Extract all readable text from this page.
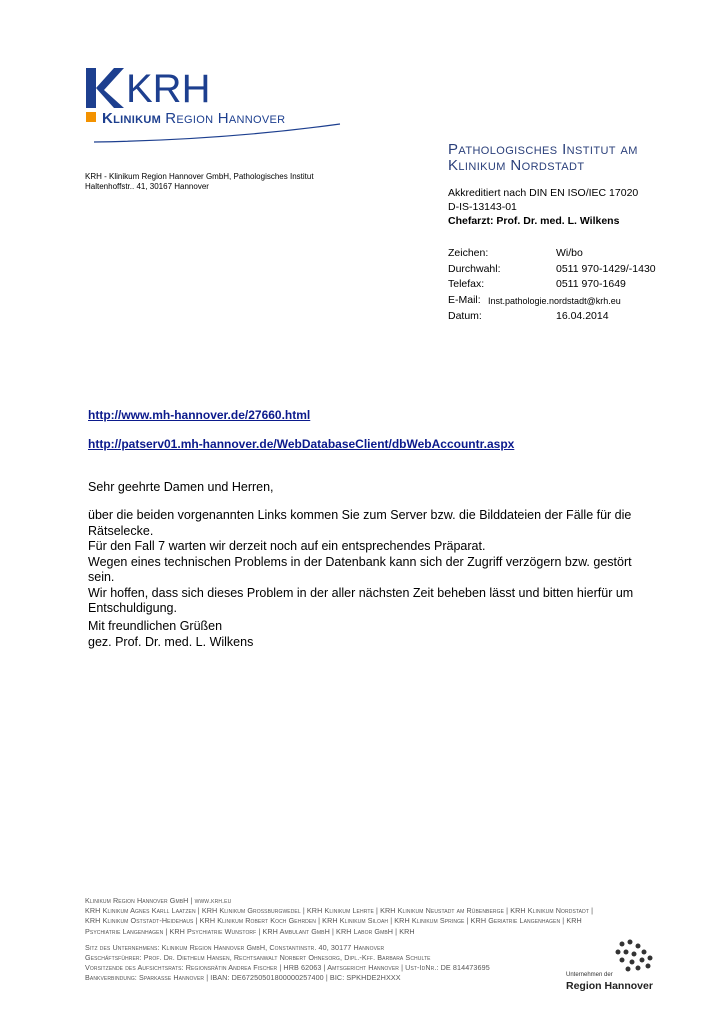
KRH
Klinikum Region Hannover
Pathologisches Institut am
Klinikum Nordstadt
KRH - Klinikum Region Hannover GmbH, Pathologisches Institut
Haltenhoffstr.. 41, 30167 Hannover
Akkreditiert nach DIN EN ISO/IEC 17020
D-IS-13143-01
Chefarzt: Prof. Dr. med. L. Wilkens
Zeichen:	Wi/bo
Durchwahl:	0511 970-1429/-1430
Telefax:	0511 970-1649
E-Mail: Inst.pathologie.nordstadt@krh.eu
Datum:	16.04.2014
http://www.mh-hannover.de/27660.html
http://patserv01.mh-hannover.de/WebDatabaseClient/dbWebAccountr.aspx
Sehr geehrte Damen und Herren,
über die beiden vorgenannten Links kommen Sie zum Server bzw. die Bilddateien der Fälle für die Rätselecke.
Für den Fall 7 warten wir derzeit noch auf ein entsprechendes Präparat.
Wegen eines technischen Problems in der Datenbank kann sich der Zugriff verzögern bzw. gestört sein.
Wir hoffen, dass sich dieses Problem in der aller nächsten Zeit beheben lässt und bitten hierfür um Entschuldigung.
Mit freundlichen Grüßen
gez. Prof. Dr. med. L. Wilkens
Klinikum Region Hannover GmbH | www.krh.eu
KRH Klinikum Agnes Karll Laatzen | KRH Klinikum Grossburgwedel | KRH Klinikum Lehrte | KRH Klinikum Neustadt am Rübenberge | KRH Klinikum Nordstadt |
KRH Klinikum Oststadt-Heidehaus | KRH Klinikum Robert Koch Gehrden | KRH Klinikum Siloah | KRH Klinikum Springe | KRH Geriatrie Langenhagen | KRH
Psychiatrie Langenhagen | KRH Psychiatrie Wunstorf | KRH Ambulant GmbH | KRH Labor GmbH | KRH
Sitz des Unternehmens: Klinikum Region Hannover GmbH, Constantinstr. 40, 30177 Hannover
Geschäftsführer: Prof. Dr. Diethelm Hansen, Rechtsanwalt Norbert Ohnesorg, Dipl.-Kff. Barbara Schulte
Vorsitzende des Aufsichtsrats: Regionsrätin Andrea Fischer | HRB 62063 | Amtsgericht Hannover | Ust-IdNr.: DE 814473695
Bankverbindung: Sparkasse Hannover | IBAN: DE67250501800000257400 | BIC: SPKHDE2HXXX	Unternehmen der
Region Hannover
